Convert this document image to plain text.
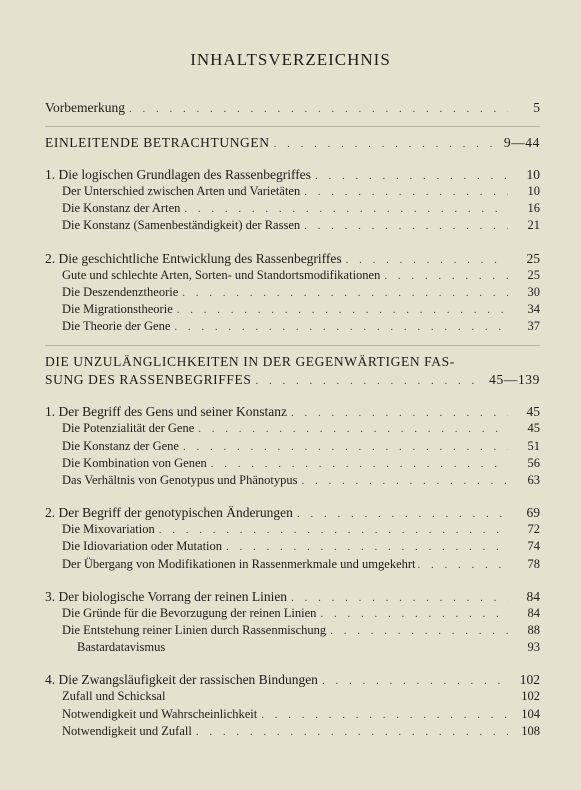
INHALTSVERZEICHNIS
Vorbemerkung . . .	5
EINLEITENDE BETRACHTUNGEN . . .	9—44
1. Die logischen Grundlagen des Rassenbegriffes . . .	10
Der Unterschied zwischen Arten und Varietäten . . .	10
Die Konstanz der Arten . . .	16
Die Konstanz (Samenbeständigkeit) der Rassen . . .	21
2. Die geschichtliche Entwicklung des Rassenbegriffes . . .	25
Gute und schlechte Arten, Sorten- und Standortsmodifikationen . . .	25
Die Deszendenztheorie . . .	30
Die Migrationstheorie . . .	34
Die Theorie der Gene . . .	37
DIE UNZULÄNGLICHKEITEN IN DER GEGENWÄRTIGEN FAS-
SUNG DES RASSENBEGRIFFES . . .	45—139
1. Der Begriff des Gens und seiner Konstanz . . .	45
Die Potenzialität der Gene . . .	45
Die Konstanz der Gene . . .	51
Die Kombination von Genen . . .	56
Das Verhältnis von Genotypus und Phänotypus . . .	63
2. Der Begriff der genotypischen Änderungen . . .	69
Die Mixovariation . . .	72
Die Idiovariation oder Mutation . . .	74
Der Übergang von Modifikationen in Rassenmerkmale und umgekehrt . . .	78
3. Der biologische Vorrang der reinen Linien . . .	84
Die Gründe für die Bevorzugung der reinen Linien . . .	84
Die Entstehung reiner Linien durch Rassenmischung . . .	88
Bastardatavismus	93
4. Die Zwangsläufigkeit der rassischen Bindungen . . .	102
Zufall und Schicksal	102
Notwendigkeit und Wahrscheinlichkeit . . .	104
Notwendigkeit und Zufall . . .	108
